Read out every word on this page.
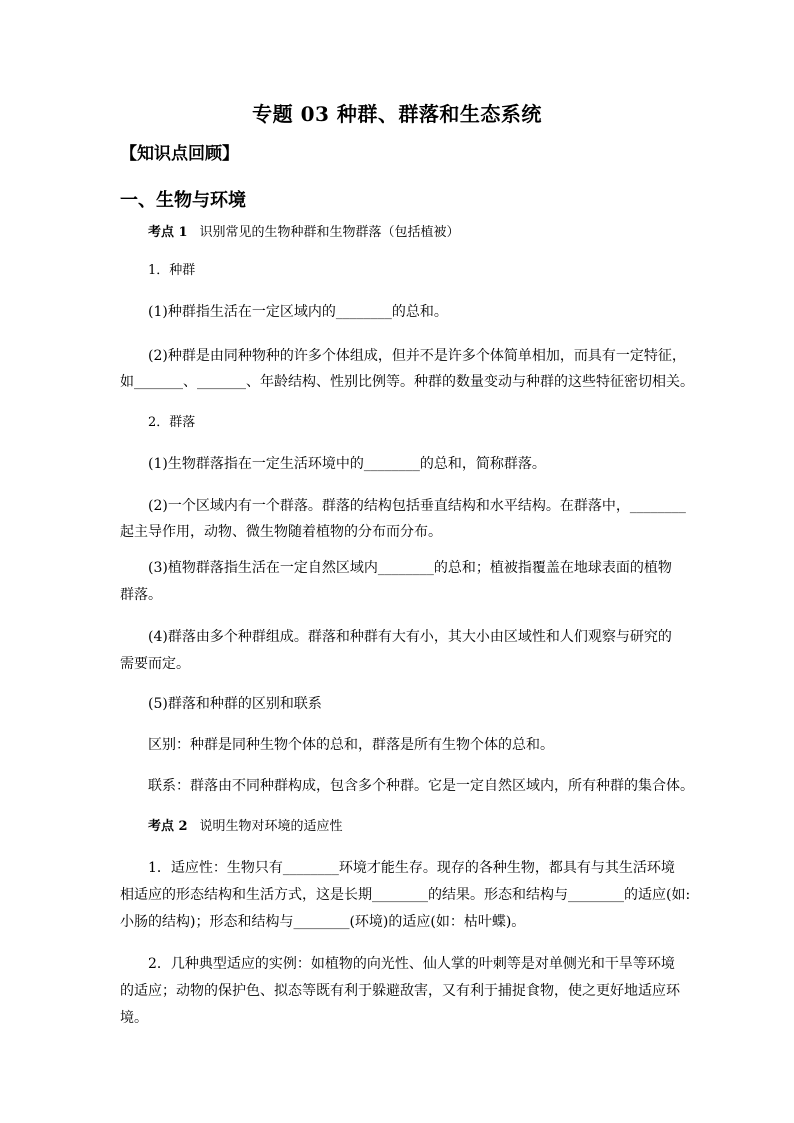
专题 03 种群、群落和生态系统
【知识点回顾】
一、生物与环境
考点 1 识别常见的生物种群和生物群落（包括植被）
1．种群
(1)种群指生活在一定区域内的________的总和。
(2)种群是由同种物种的许多个体组成，但并不是许多个体简单相加，而具有一定特征，
如_______、_______、年龄结构、性别比例等。种群的数量变动与种群的这些特征密切相关。
2．群落
(1)生物群落指在一定生活环境中的________的总和，简称群落。
(2)一个区域内有一个群落。群落的结构包括垂直结构和水平结构。在群落中，________
起主导作用，动物、微生物随着植物的分布而分布。
(3)植物群落指生活在一定自然区域内________的总和；植被指覆盖在地球表面的植物
群落。
(4)群落由多个种群组成。群落和种群有大有小，其大小由区域性和人们观察与研究的
需要而定。
(5)群落和种群的区别和联系
区别：种群是同种生物个体的总和，群落是所有生物个体的总和。
联系：群落由不同种群构成，包含多个种群。它是一定自然区域内，所有种群的集合体。
考点 2 说明生物对环境的适应性
1．适应性：生物只有________环境才能生存。现存的各种生物，都具有与其生活环境
相适应的形态结构和生活方式，这是长期________的结果。形态和结构与________的适应(如:
小肠的结构)；形态和结构与________(环境)的适应(如：枯叶蝶)。
2．几种典型适应的实例：如植物的向光性、仙人掌的叶刺等是对单侧光和干旱等环境
的适应；动物的保护色、拟态等既有利于躲避敌害，又有利于捕捉食物，使之更好地适应环
境。
